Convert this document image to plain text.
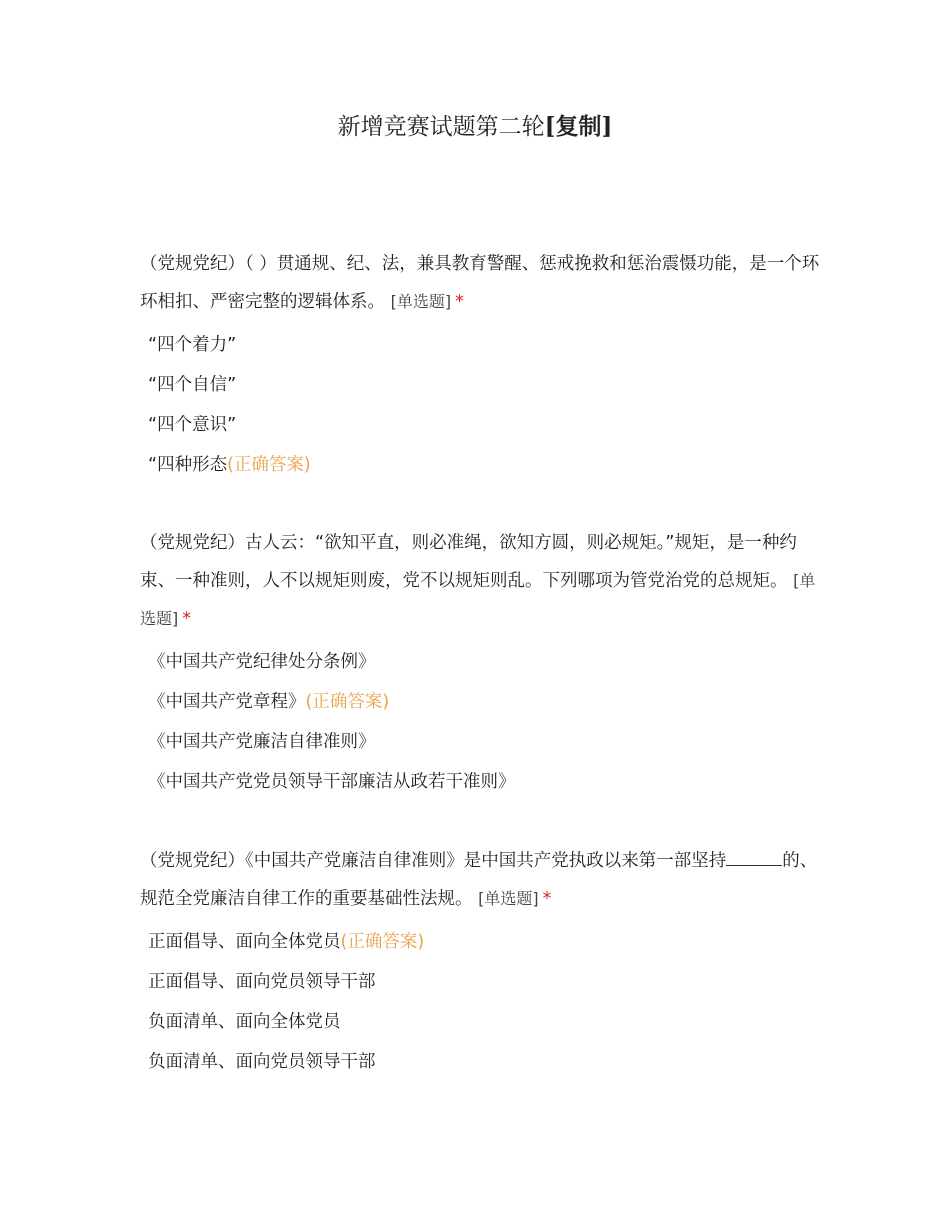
新增竞赛试题第二轮[复制]

（党规党纪）（ ）贯通规、纪、法，兼具教育警醒、惩戒挽救和惩治震慑功能，是一个环环相扣、严密完整的逻辑体系。 [单选题] *

“四个着力”
“四个自信”
“四个意识”
“四种形态(正确答案)

（党规党纪）古人云：“欲知平直，则必准绳，欲知方圆，则必规矩。”规矩，是一种约束、一种准则，人不以规矩则废，党不以规矩则乱。下列哪项为管党治党的总规矩。 [单选题] *

《中国共产党纪律处分条例》
《中国共产党章程》(正确答案)
《中国共产党廉洁自律准则》
《中国共产党党员领导干部廉洁从政若干准则》

（党规党纪）《中国共产党廉洁自律准则》是中国共产党执政以来第一部坚持	的、规范全党廉洁自律工作的重要基础性法规。 [单选题] *

正面倡导、面向全体党员(正确答案)
正面倡导、面向党员领导干部
负面清单、面向全体党员
负面清单、面向党员领导干部
